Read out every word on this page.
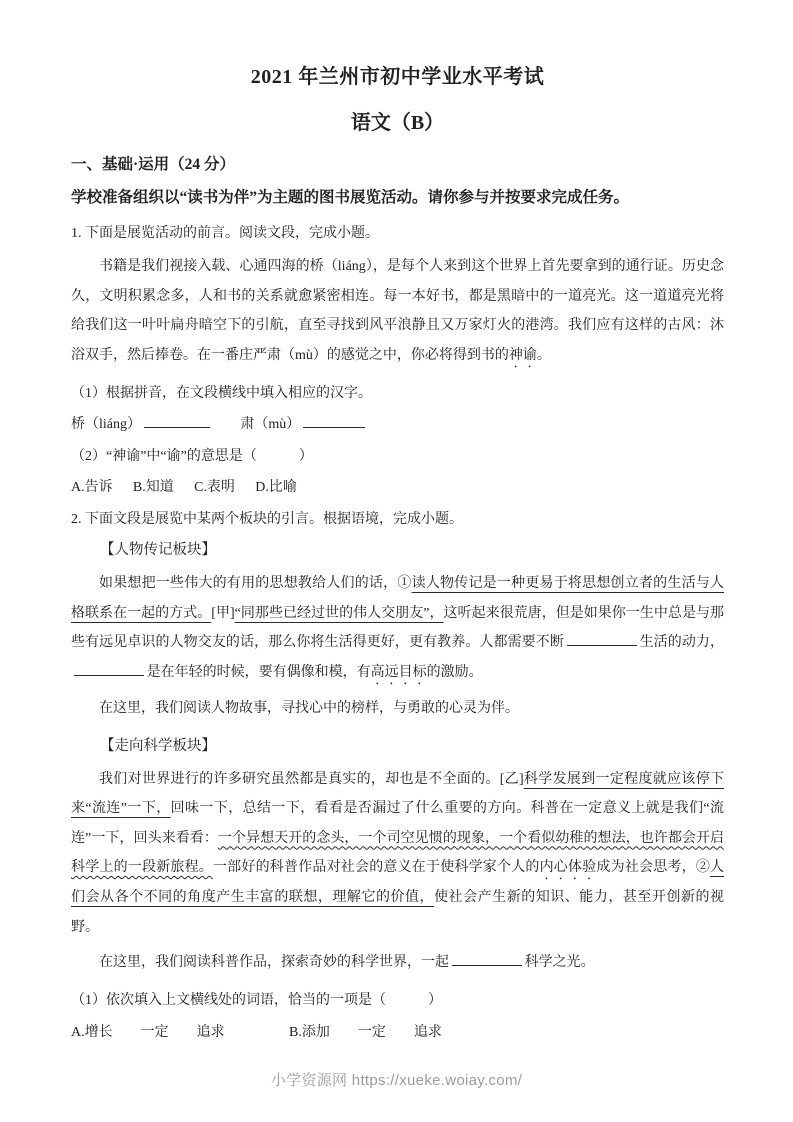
2021 年兰州市初中学业水平考试
语文（B）
一、基础·运用（24 分）
学校准备组织以“读书为伴”为主题的图书展览活动。请你参与并按要求完成任务。
1. 下面是展览活动的前言。阅读文段，完成小题。
书籍是我们视接入载、心通四海的桥（liáng），是每个人来到这个世界上首先要拿到的通行证。历史念久，文明积累念多，人和书的关系就愈紧密相连。每一本好书，都是黑暗中的一道亮光。这一道道亮光将给我们这一叶叶扁舟暗空下的引航，直至寻找到风平浪静且又万家灯火的港湾。我们应有这样的古风：沐浴双手，然后捧卷。在一番庄严肃（mù）的感觉之中，你必将得到书的神谕。
（1）根据拼音，在文段横线中填入相应的汉字。
桥（liáng）	　　肃（mù）
（2）“神谕”中“谕”的意思是（　　　）
A.告诉 B.知道 C.表明 D.比喻
2. 下面文段是展览中某两个板块的引言。根据语境，完成小题。
【人物传记板块】
如果想把一些伟大的有用的思想教给人们的话，①读人物传记是一种更易于将思想创立者的生活与人格联系在一起的方式。[甲]“同那些已经过世的伟人交朋友”，这听起来很荒唐，但是如果你一生中总是与那些有远见卓识的人物交友的话，那么你将生活得更好，更有教养。人都需要不断	生活的动力，是在年轻的时候，要有偶像和模，有高远目标的激励。
在这里，我们阅读人物故事，寻找心中的榜样，与勇敢的心灵为伴。
【走向科学板块】
我们对世界进行的许多研究虽然都是真实的，却也是不全面的。[乙]科学发展到一定程度就应该停下来“流连”一下，回味一下，总结一下，看看是否漏过了什么重要的方向。科普在一定意义上就是我们“流连”一下，回头来看看：一个异想天开的念头，一个司空见惯的现象，一个看似幼稚的想法，也许都会开启科学上的一段新旅程。一部好的科普作品对社会的意义在于使科学家个人的内心体验成为社会思考，②人们会从各个不同的角度产生丰富的联想，理解它的价值，使社会产生新的知识、能力，甚至开创新的视野。
在这里，我们阅读科普作品，探索奇妙的科学世界，一起	科学之光。
（1）依次填入上文横线处的词语，恰当的一项是（　　　）
A.增长　　一定　　追求	B.添加　　一定　　追求
小学资源网 https://xueke.woiay.com/
